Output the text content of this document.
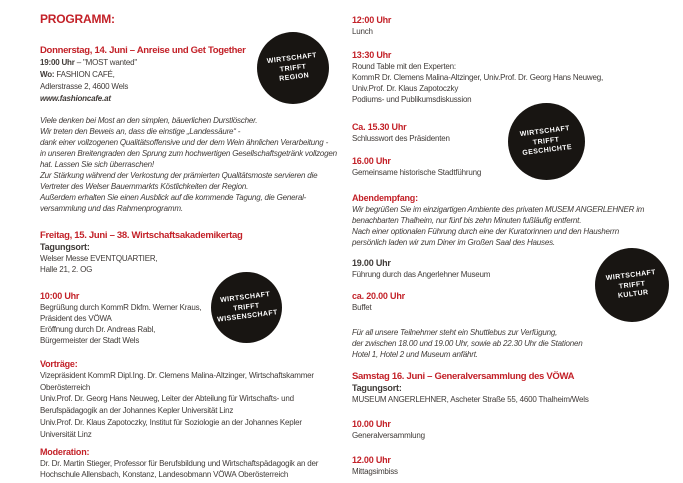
PROGRAMM:
Donnerstag, 14. Juni – Anreise und Get Together
19:00 Uhr – "MOST wanted"
Wo: FASHION CAFÉ,
Adlerstrasse 2, 4600 Wels
www.fashioncafe.at
Viele denken bei Most an den simplen, bäuerlichen Durstlöscher.
Wir treten den Beweis an, dass die einstige „Landessäure“ -
dank einer vollzogenen Qualitätsoffensive und der dem Wein ähnlichen Verarbeitung -
in unseren Breitengraden den Sprung zum hochwertigen Gesellschaftsgetränk vollzogen
hat. Lassen Sie sich überraschen!
Zur Stärkung während der Verkostung der prämierten Qualitätsmoste servieren die
Vertreter des Welser Bauernmarkts Köstlichkeiten der Region.
Außerdem erhalten Sie einen Ausblick auf die kommende Tagung, die General-
versammlung und das Rahmenprogramm.
Freitag, 15. Juni – 38. Wirtschaftsakademikertag
Tagungsort:
Welser Messe EVENTQUARTIER,
Halle 21, 2. OG
10:00 Uhr
Begrüßung durch KommR Dkfm. Werner Kraus,
Präsident des VÖWA
Eröffnung durch Dr. Andreas Rabl,
Bürgermeister der Stadt Wels
Vorträge:
Vizepräsident KommR Dipl.Ing. Dr. Clemens Malina-Altzinger, Wirtschaftskammer
Oberösterreich
Univ.Prof. Dr. Georg Hans Neuweg, Leiter der Abteilung für Wirtschafts- und
Berufspädagogik an der Johannes Kepler Universität Linz
Univ.Prof. Dr. Klaus Zapotoczky, Institut für Soziologie an der Johannes Kepler
Universität Linz
Moderation:
Dr. Dr. Martin Stieger, Professor für Berufsbildung und Wirtschaftspädagogik an der
Hochschule Allensbach, Konstanz, Landesobmann VÖWA Oberösterreich
12:00 Uhr
Lunch
13:30 Uhr
Round Table mit den Experten:
KommR Dr. Clemens Malina-Altzinger, Univ.Prof. Dr. Georg Hans Neuweg,
Univ.Prof. Dr. Klaus Zapotoczky
Podiums- und Publikumsdiskussion
Ca. 15.30 Uhr
Schlusswort des Präsidenten
16.00 Uhr
Gemeinsame historische Stadtführung
Abendempfang:
Wir begrüßen Sie im einzigartigen Ambiente des privaten MUSEM ANGERLEHNER im
benachbarten Thalheim, nur fünf bis zehn Minuten fußläufig entfernt.
Nach einer optionalen Führung durch eine der Kuratorinnen und den Hausherrn
persönlich laden wir zum Diner im Großen Saal des Hauses.
19.00 Uhr
Führung durch das Angerlehner Museum
ca. 20.00 Uhr
Buffet
Für all unsere Teilnehmer steht ein Shuttlebus zur Verfügung,
der zwischen 18.00 und 19.00 Uhr, sowie ab 22.30 Uhr die Stationen
Hotel 1, Hotel 2 und Museum anfährt.
Samstag 16. Juni – Generalversammlung des VÖWA
Tagungsort:
MUSEUM ANGERLEHNER, Ascheter Straße 55, 4600 Thalheim/Wels
10.00 Uhr
Generalversammlung
12.00 Uhr
Mittagsimbiss
WIRTSCHAFT
TRIFFT
REGION
WIRTSCHAFT
TRIFFT
WISSENSCHAFT
WIRTSCHAFT
TRIFFT
GESCHICHTE
WIRTSCHAFT
TRIFFT
KULTUR
